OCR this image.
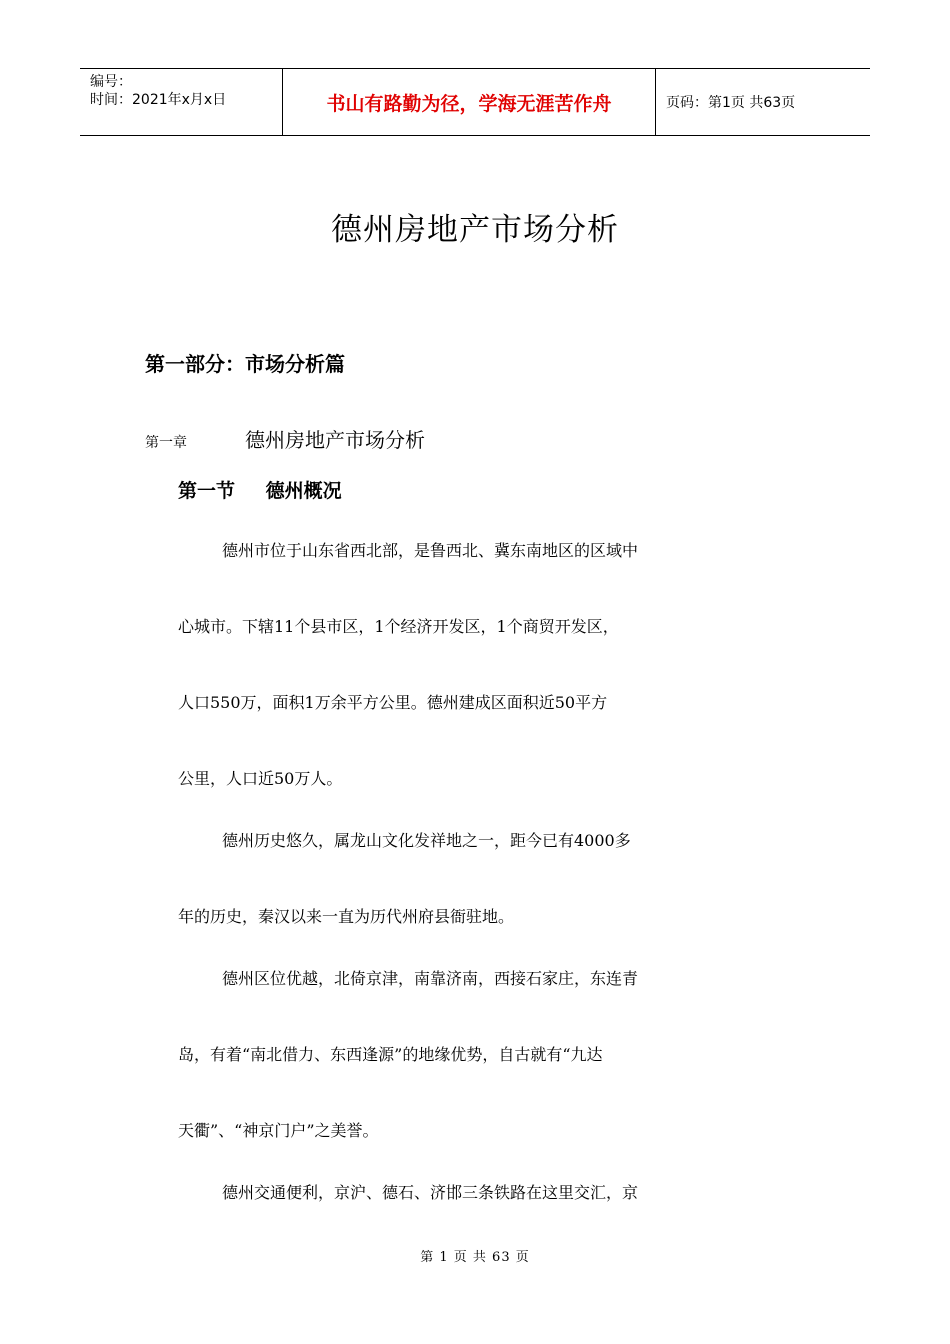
编号：
时间：2021年x月x日	书山有路勤为径，学海无涯苦作舟	页码：第1页 共63页
德州房地产市场分析
第一部分：市场分析篇
第一章	德州房地产市场分析
第一节 德州概况
德州市位于山东省西北部，是鲁西北、冀东南地区的区域中
心城市。下辖11个县市区，1个经济开发区，1个商贸开发区，
人口550万，面积1万余平方公里。德州建成区面积近50平方
公里，人口近50万人。
德州历史悠久，属龙山文化发祥地之一，距今已有4000多
年的历史，秦汉以来一直为历代州府县衙驻地。
德州区位优越，北倚京津，南靠济南，西接石家庄，东连青
岛，有着“南北借力、东西逢源”的地缘优势，自古就有“九达
天衢”、“神京门户”之美誉。
德州交通便利，京沪、德石、济邯三条铁路在这里交汇，京
第 1 页 共 63 页
